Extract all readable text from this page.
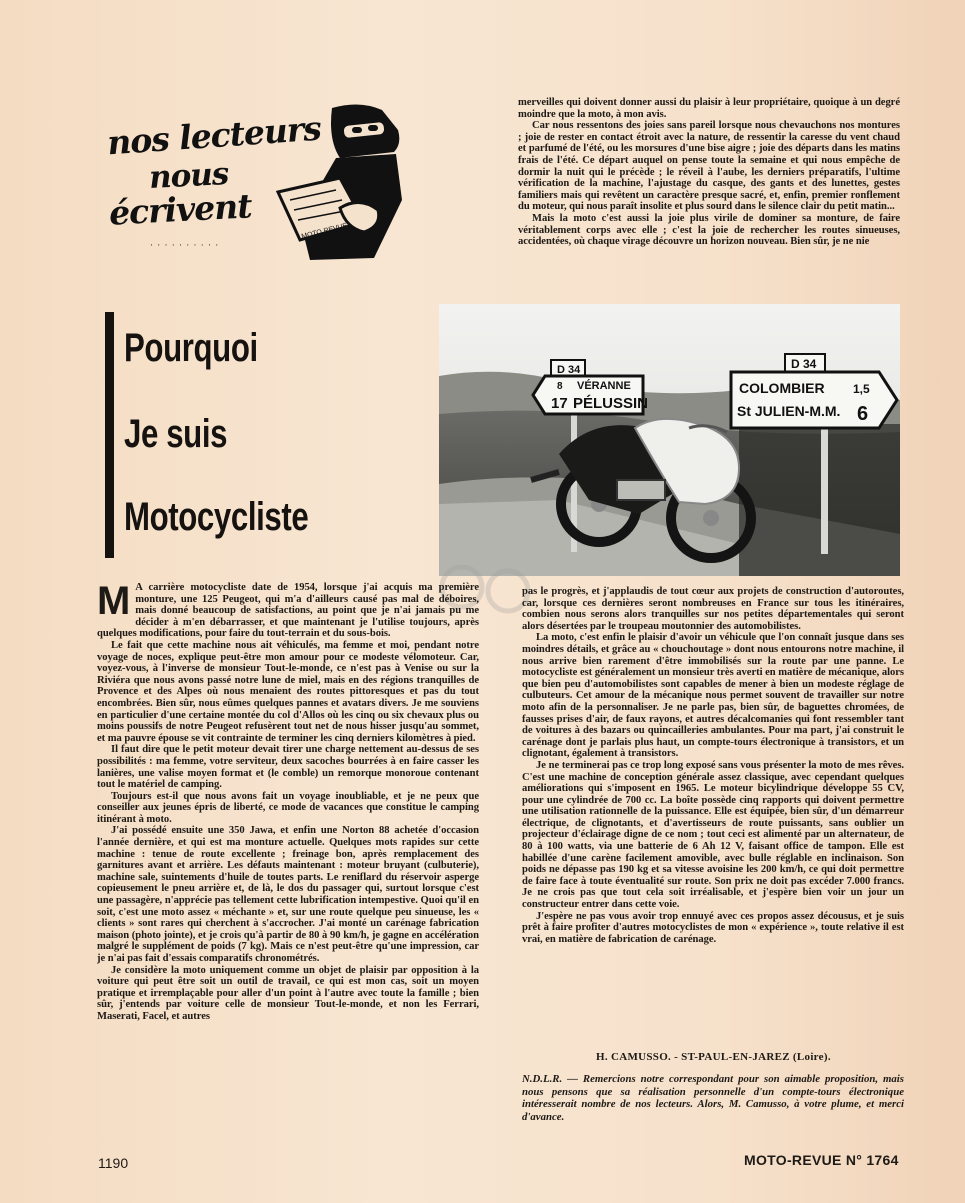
nos lecteurs
nous
écrivent	MOTO REVUE
· · · · · · · · · ·
Pourquoi
Je suis
Motocycliste

merveilles qui doivent donner aussi du plaisir à leur propriétaire, quoique à un degré moindre que la moto, à mon avis.

Car nous ressentons des joies sans pareil lorsque nous chevauchons nos montures ; joie de rester en contact étroit avec la nature, de ressentir la caresse du vent chaud et parfumé de l'été, ou les morsures d'une bise aigre ; joie des départs dans les matins frais de l'été. Ce départ auquel on pense toute la semaine et qui nous empêche de dormir la nuit qui le précède ; le réveil à l'aube, les derniers préparatifs, l'ultime vérification de la machine, l'ajustage du casque, des gants et des lunettes, gestes familiers mais qui revêtent un caractère presque sacré, et, enfin, premier ronflement du moteur, qui nous paraît insolite et plus sourd dans le silence clair du petit matin...

Mais la moto c'est aussi la joie plus virile de dominer sa monture, de faire véritablement corps avec elle ; c'est la joie de rechercher les routes sinueuses, accidentées, où chaque virage découvre un horizon nouveau. Bien sûr, je ne nie

D 34
8 VÉRANNE
17 PÉLUSSIN
D 34
COLOMBIER 1,5
St JULIEN-M.M. 6

M A carrière motocycliste date de 1954, lorsque j'ai acquis ma première monture, une 125 Peugeot, qui m'a d'ailleurs causé pas mal de déboires, mais donné beaucoup de satisfactions, au point que je n'ai jamais pu me décider à m'en débarrasser, et que maintenant je l'utilise toujours, après quelques modifications, pour faire du tout-terrain et du sous-bois.

Le fait que cette machine nous ait véhiculés, ma femme et moi, pendant notre voyage de noces, explique peut-être mon amour pour ce modeste vélomoteur. Car, voyez-vous, à l'inverse de monsieur Tout-le-monde, ce n'est pas à Venise ou sur la Riviéra que nous avons passé notre lune de miel, mais en des régions tranquilles de Provence et des Alpes où nous menaient des routes pittoresques et pas du tout encombrées. Bien sûr, nous eûmes quelques pannes et avatars divers. Je me souviens en particulier d'une certaine montée du col d'Allos où les cinq ou six chevaux plus ou moins poussifs de notre Peugeot refusèrent tout net de nous hisser jusqu'au sommet, et ma pauvre épouse se vit contrainte de terminer les cinq derniers kilomètres à pied.

Il faut dire que le petit moteur devait tirer une charge nettement au-dessus de ses possibilités : ma femme, votre serviteur, deux sacoches bourrées à en faire casser les lanières, une valise moyen format et (le comble) un remorque monoroue contenant tout le matériel de camping.

Toujours est-il que nous avons fait un voyage inoubliable, et je ne peux que conseiller aux jeunes épris de liberté, ce mode de vacances que constitue le camping itinérant à moto.

J'ai possédé ensuite une 350 Jawa, et enfin une Norton 88 achetée d'occasion l'année dernière, et qui est ma monture actuelle. Quelques mots rapides sur cette machine : tenue de route excellente ; freinage bon, après remplacement des garnitures avant et arrière. Les défauts maintenant : moteur bruyant (culbuterie), machine sale, suintements d'huile de toutes parts. Le reniflard du réservoir asperge copieusement le pneu arrière et, de là, le dos du passager qui, surtout lorsque c'est une passagère, n'apprécie pas tellement cette lubrification intempestive. Quoi qu'il en soit, c'est une moto assez « méchante » et, sur une route quelque peu sinueuse, les « clients » sont rares qui cherchent à s'accrocher. J'ai monté un carénage fabrication maison (photo jointe), et je crois qu'à partir de 80 à 90 km/h, je gagne en accélération malgré le supplément de poids (7 kg). Mais ce n'est peut-être qu'une impression, car je n'ai pas fait d'essais comparatifs chronométrés.

Je considère la moto uniquement comme un objet de plaisir par opposition à la voiture qui peut être soit un outil de travail, ce qui est mon cas, soit un moyen pratique et irremplaçable pour aller d'un point à l'autre avec toute la famille ; bien sûr, j'entends par voiture celle de monsieur Tout-le-monde, et non les Ferrari, Maserati, Facel, et autres

pas le progrès, et j'applaudis de tout cœur aux projets de construction d'autoroutes, car, lorsque ces dernières seront nombreuses en France sur tous les itinéraires, combien nous serons alors tranquilles sur nos petites départementales qui seront alors désertées par le troupeau moutonnier des automobilistes.

La moto, c'est enfin le plaisir d'avoir un véhicule que l'on connaît jusque dans ses moindres détails, et grâce au « chouchoutage » dont nous entourons notre machine, il nous arrive bien rarement d'être immobilisés sur la route par une panne. Le motocycliste est généralement un monsieur très averti en matière de mécanique, alors que bien peu d'automobilistes sont capables de mener à bien un modeste réglage de culbuteurs. Cet amour de la mécanique nous permet souvent de travailler sur notre moto afin de la personnaliser. Je ne parle pas, bien sûr, de baguettes chromées, de fausses prises d'air, de faux rayons, et autres décalcomanies qui font ressembler tant de voitures à des bazars ou quincailleries ambulantes. Pour ma part, j'ai construit le carénage dont je parlais plus haut, un compte-tours électronique à transistors, et un clignotant, également à transistors.

Je ne terminerai pas ce trop long exposé sans vous présenter la moto de mes rêves. C'est une machine de conception générale assez classique, avec cependant quelques améliorations qui s'imposent en 1965. Le moteur bicylindrique développe 55 CV, pour une cylindrée de 700 cc. La boîte possède cinq rapports qui doivent permettre une utilisation rationnelle de la puissance. Elle est équipée, bien sûr, d'un démarreur électrique, de clignotants, et d'avertisseurs de route puissants, sans oublier un projecteur d'éclairage digne de ce nom ; tout ceci est alimenté par un alternateur, de 80 à 100 watts, via une batterie de 6 Ah 12 V, faisant office de tampon. Elle est habillée d'une carène facilement amovible, avec bulle réglable en inclinaison. Son poids ne dépasse pas 190 kg et sa vitesse avoisine les 200 km/h, ce qui doit permettre de faire face à toute éventualité sur route. Son prix ne doit pas excéder 7.000 francs. Je ne crois pas que tout cela soit irréalisable, et j'espère bien voir un jour un constructeur entrer dans cette voie.

J'espère ne pas vous avoir trop ennuyé avec ces propos assez décousus, et je suis prêt à faire profiter d'autres motocyclistes de mon « expérience », toute relative il est vrai, en matière de fabrication de carénage.

H. CAMUSSO. - ST-PAUL-EN-JAREZ (Loire).
N.D.L.R. — Remercions notre correspondant pour son aimable proposition, mais nous pensons que sa réalisation personnelle d'un compte-tours électronique intéresserait nombre de nos lecteurs. Alors, M. Camusso, à votre plume, et merci d'avance.
1190	MOTO-REVUE N° 1764
